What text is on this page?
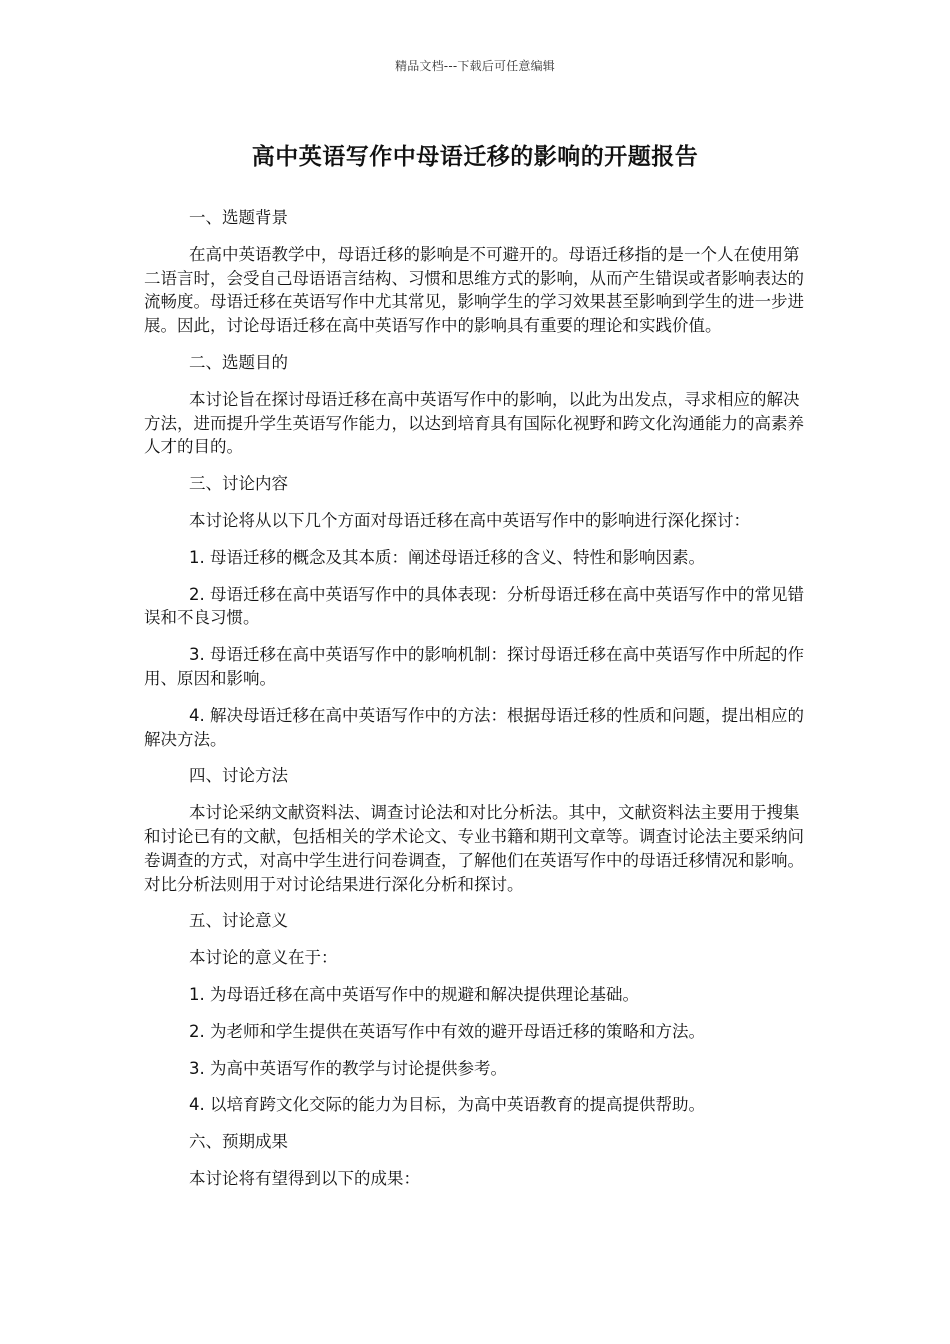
精品文档---下载后可任意编辑
高中英语写作中母语迁移的影响的开题报告

一、选题背景

在高中英语教学中，母语迁移的影响是不可避开的。母语迁移指的是一个人在使用第二语言时，会受自己母语语言结构、习惯和思维方式的影响，从而产生错误或者影响表达的流畅度。母语迁移在英语写作中尤其常见，影响学生的学习效果甚至影响到学生的进一步进展。因此，讨论母语迁移在高中英语写作中的影响具有重要的理论和实践价值。

二、选题目的

本讨论旨在探讨母语迁移在高中英语写作中的影响，以此为出发点，寻求相应的解决方法，进而提升学生英语写作能力，以达到培育具有国际化视野和跨文化沟通能力的高素养人才的目的。

三、讨论内容

本讨论将从以下几个方面对母语迁移在高中英语写作中的影响进行深化探讨：

1. 母语迁移的概念及其本质：阐述母语迁移的含义、特性和影响因素。

2. 母语迁移在高中英语写作中的具体表现：分析母语迁移在高中英语写作中的常见错误和不良习惯。

3. 母语迁移在高中英语写作中的影响机制：探讨母语迁移在高中英语写作中所起的作用、原因和影响。

4. 解决母语迁移在高中英语写作中的方法：根据母语迁移的性质和问题，提出相应的解决方法。

四、讨论方法

本讨论采纳文献资料法、调查讨论法和对比分析法。其中，文献资料法主要用于搜集和讨论已有的文献，包括相关的学术论文、专业书籍和期刊文章等。调查讨论法主要采纳问卷调查的方式，对高中学生进行问卷调查，了解他们在英语写作中的母语迁移情况和影响。对比分析法则用于对讨论结果进行深化分析和探讨。

五、讨论意义

本讨论的意义在于：

1. 为母语迁移在高中英语写作中的规避和解决提供理论基础。

2. 为老师和学生提供在英语写作中有效的避开母语迁移的策略和方法。

3. 为高中英语写作的教学与讨论提供参考。

4. 以培育跨文化交际的能力为目标，为高中英语教育的提高提供帮助。

六、预期成果

本讨论将有望得到以下的成果：
